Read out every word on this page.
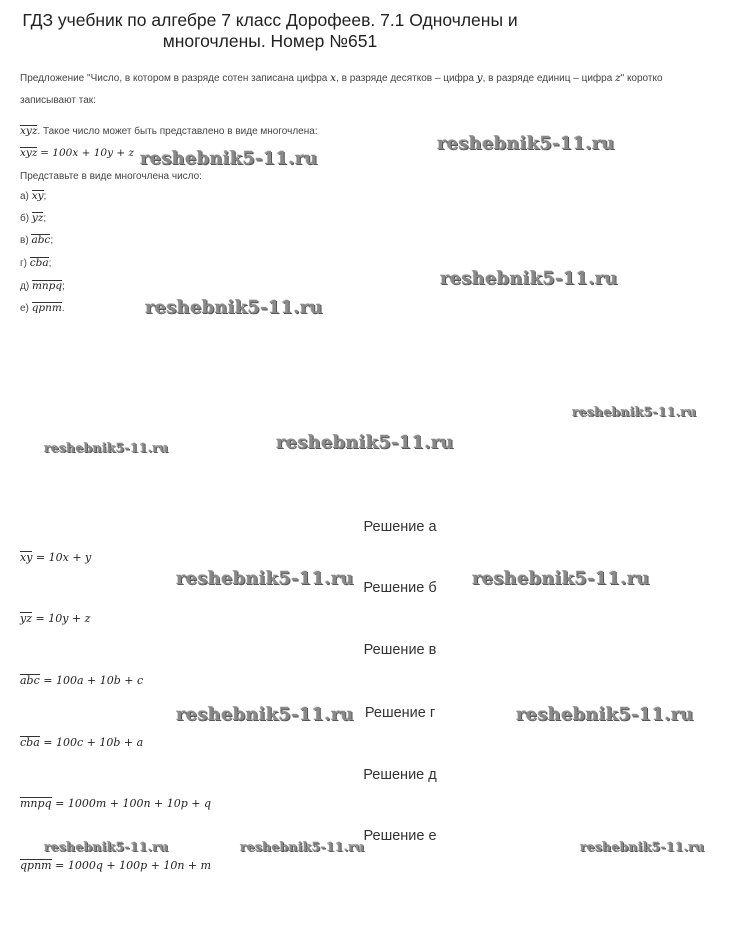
ГДЗ учебник по алгебре 7 класс Дорофеев. 7.1 Одночлены и
многочлены. Номер №651
Предложение "Число, в котором в разряде сотен записана цифра x, в разряде десятков – цифра y, в разряде единиц – цифра z" коротко
записывают так:
xyz. Такое число может быть представлено в виде многочлена:
xyz = 100x + 10y + z
Представьте в виде многочлена число:
а) xy;
б) yz;
в) abc;
г) cba;
д) mnpq;
е) qpnm.
Решение а
xy = 10x + y
Решение б
yz = 10y + z
Решение в
abc = 100a + 10b + c
Решение г
cba = 100c + 10b + a
Решение д
mnpq = 1000m + 100n + 10p + q
Решение е
qpnm = 1000q + 100p + 10n + m
reshebnik5-11.ru
reshebnik5-11.ru
reshebnik5-11.ru
reshebnik5-11.ru
reshebnik5-11.ru
reshebnik5-11.ru	reshebnik5-11.ru
reshebnik5-11.ru	reshebnik5-11.ru
reshebnik5-11.ru	reshebnik5-11.ru
reshebnik5-11.ru	reshebnik5-11.ru	reshebnik5-11.ru
